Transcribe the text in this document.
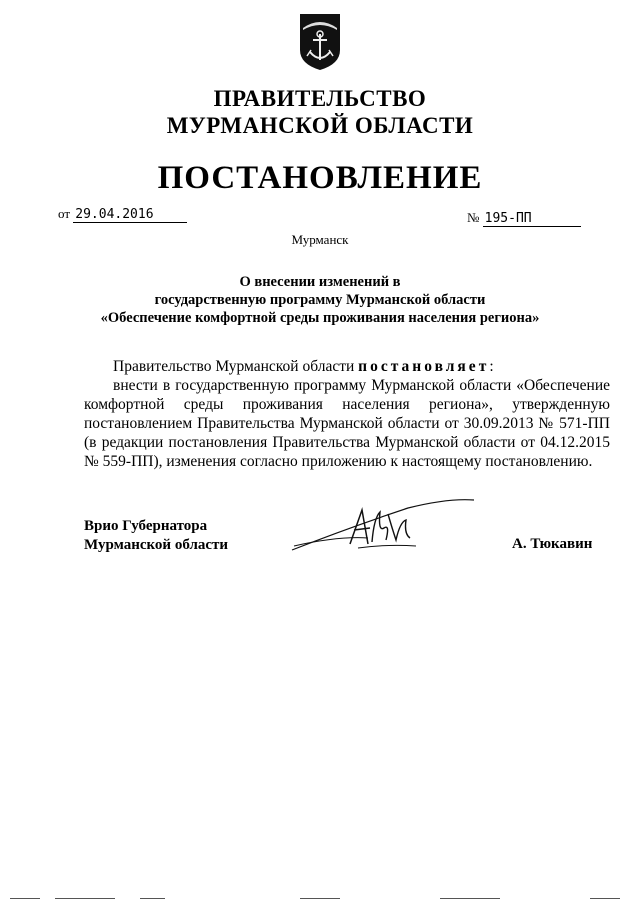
ПРАВИТЕЛЬСТВО
МУРМАНСКОЙ ОБЛАСТИ
ПОСТАНОВЛЕНИЕ
от 29.04.2016	№ 195-ПП
Мурманск
О внесении изменений в
государственную программу Мурманской области
«Обеспечение комфортной среды проживания населения региона»

Правительство Мурманской области постановляет:

внести в государственную программу Мурманской области «Обеспечение комфортной среды проживания населения региона», утвержденную постановлением Правительства Мурманской области от 30.09.2013 № 571-ПП (в редакции постановления Правительства Мурманской области от 04.12.2015 № 559-ПП), изменения согласно приложению к настоящему постановлению.

Врио Губернатора
Мурманской области	А. Тюкавин
